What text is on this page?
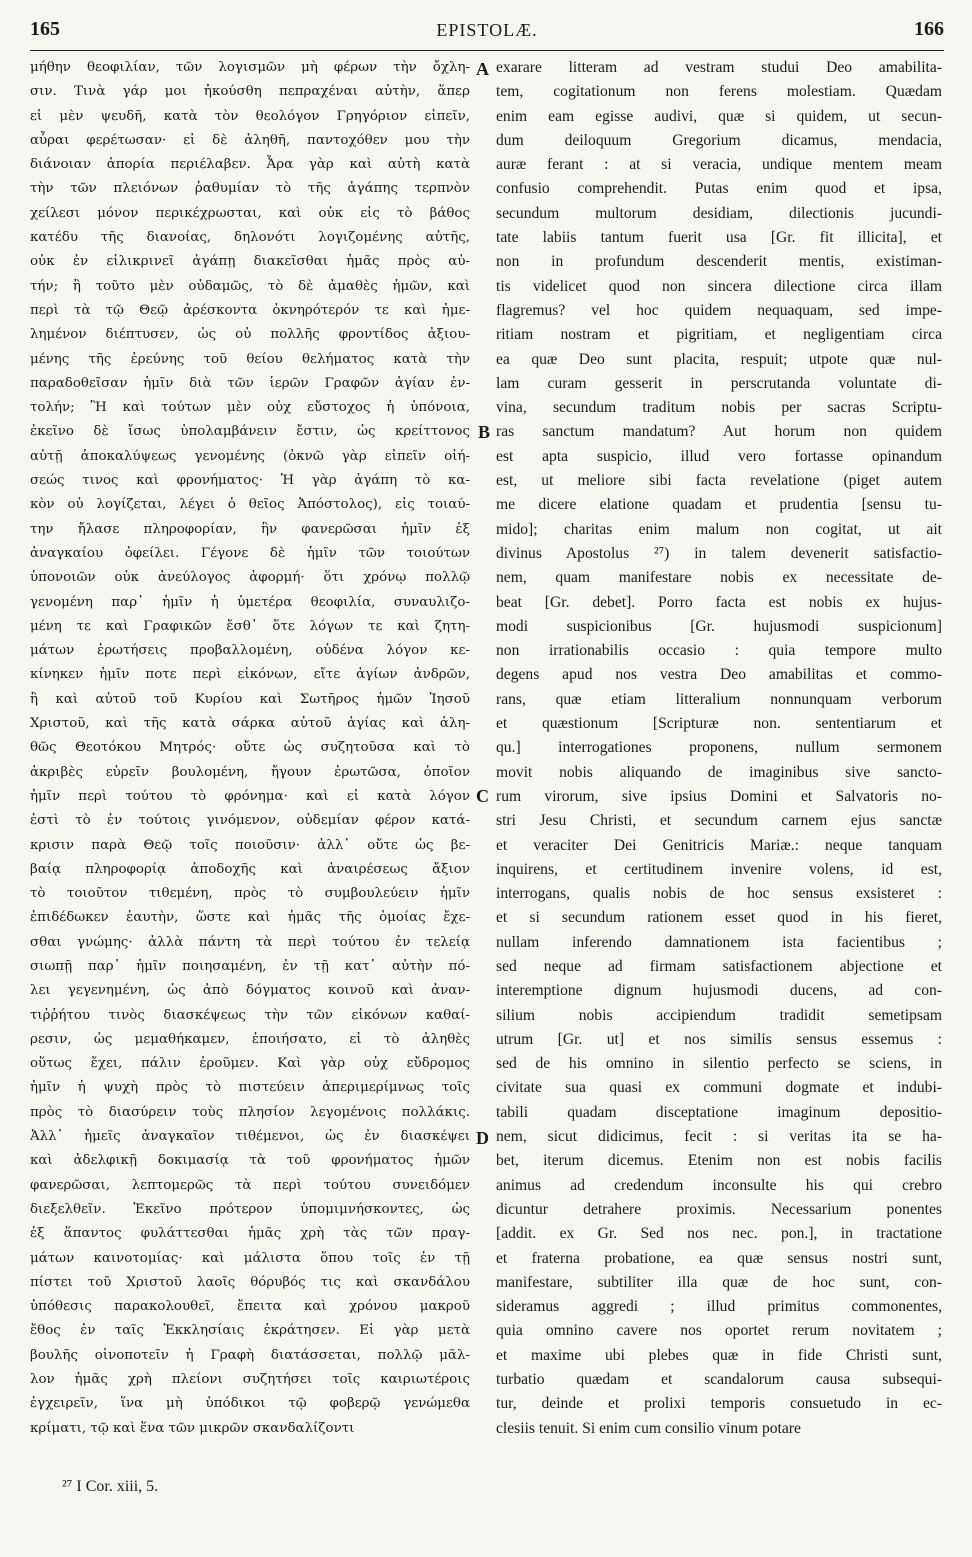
165	EPISTOLÆ.	166
μήθην θεοφιλίαν, τῶν λογισμῶν μὴ φέρων τὴν ὄχλη-
σιν. Τινὰ γάρ μοι ἠκούσθη πεπραχέναι αὐτὴν, ἅπερ
εἰ μὲν ψευδῆ, κατὰ τὸν θεολόγον Γρηγόριον εἰπεῖν,
αὖραι φερέτωσαν· εἰ δὲ ἀληθῆ, παντοχόθεν μου τὴν
διάνοιαν ἀπορία περιέλαβεν. Ἆρα γὰρ καὶ αὐτὴ κατὰ
τὴν τῶν πλειόνων ῥαθυμίαν τὸ τῆς ἀγάπης τερπνὸν
χείλεσι μόνον περικέχρωσται, καὶ οὐκ εἰς τὸ βάθος
κατέδυ τῆς διανοίας, δηλονότι λογιζομένης αὐτῆς,
οὐκ ἐν εἰλικρινεῖ ἀγάπῃ διακεῖσθαι ἡμᾶς πρὸς αὐ-
τήν; ἢ τοῦτο μὲν οὐδαμῶς, τὸ δὲ ἀμαθὲς ἡμῶν, καὶ
περὶ τὰ τῷ Θεῷ ἀρέσκοντα ὀκνηρότερόν τε καὶ ἠμε-
λημένον διέπτυσεν, ὡς οὐ πολλῆς φροντίδος ἀξιου-
μένης τῆς ἐρεύνης τοῦ θείου θελήματος κατὰ τὴν
παραδοθεῖσαν ἡμῖν διὰ τῶν ἱερῶν Γραφῶν ἁγίαν ἐν-
τολήν; Ἢ καὶ τούτων μὲν οὐχ εὔστοχος ἡ ὑπόνοια,
ἐκεῖνο δὲ ἴσως ὑπολαμβάνειν ἔστιν, ὡς κρείττονος
αὐτῇ ἀποκαλύψεως γενομένης (ὀκνῶ γὰρ εἰπεῖν οἰή-
σεώς τινος καὶ φρονήματος· Ἡ γὰρ ἀγάπη τὸ κα-
κὸν οὐ λογίζεται, λέγει ὁ θεῖος Ἀπόστολος), εἰς τοιαύ-
την ἤλασε πληροφορίαν, ἣν φανερῶσαι ἡμῖν ἐξ
ἀναγκαίου ὀφείλει. Γέγονε δὲ ἡμῖν τῶν τοιούτων
ὑπονοιῶν οὐκ ἀνεύλογος ἀφορμή· ὅτι χρόνῳ πολλῷ
γενομένη παρ᾽ ἡμῖν ἡ ὑμετέρα θεοφιλία, συναυλιζο-
μένη τε καὶ Γραφικῶν ἔσθ᾽ ὅτε λόγων τε καὶ ζητη-
μάτων ἐρωτήσεις προβαλλομένη, οὐδένα λόγον κε-
κίνηκεν ἡμῖν ποτε περὶ εἰκόνων, εἴτε ἁγίων ἀνδρῶν,
ἢ καὶ αὐτοῦ τοῦ Κυρίου καὶ Σωτῆρος ἡμῶν Ἰησοῦ
Χριστοῦ, καὶ τῆς κατὰ σάρκα αὐτοῦ ἁγίας καὶ ἀλη-
θῶς Θεοτόκου Μητρός· οὔτε ὡς συζητοῦσα καὶ τὸ
ἀκριβὲς εὑρεῖν βουλομένη, ἤγουν ἐρωτῶσα, ὁποῖον
ἡμῖν περὶ τούτου τὸ φρόνημα· καὶ εἰ κατὰ λόγον
ἐστὶ τὸ ἐν τούτοις γινόμενον, οὐδεμίαν φέρον κατά-
κρισιν παρὰ Θεῷ τοῖς ποιοῦσιν· ἀλλ᾽ οὔτε ὡς βε-
βαίᾳ πληροφορίᾳ ἀποδοχῆς καὶ ἀναιρέσεως ἄξιον
τὸ τοιοῦτον τιθεμένη, πρὸς τὸ συμβουλεύειν ἡμῖν
ἐπιδέδωκεν ἑαυτὴν, ὥστε καὶ ἡμᾶς τῆς ὁμοίας ἔχε-
σθαι γνώμης· ἀλλὰ πάντη τὰ περὶ τούτου ἐν τελείᾳ
σιωπῇ παρ᾽ ἡμῖν ποιησαμένη, ἐν τῇ κατ᾽ αὐτὴν πό-
λει γεγενημένη, ὡς ἀπὸ δόγματος κοινοῦ καὶ ἀναν-
τιῤῥήτου τινὸς διασκέψεως τὴν τῶν εἰκόνων καθαί-
ρεσιν, ὡς μεμαθήκαμεν, ἐποιήσατο, εἰ τὸ ἀληθὲς
οὕτως ἔχει, πάλιν ἐροῦμεν. Καὶ γὰρ οὐχ εὔδρομος
ἡμῖν ἡ ψυχὴ πρὸς τὸ πιστεύειν ἀπεριμερίμνως τοῖς
πρὸς τὸ διασύρειν τοὺς πλησίον λεγομένοις πολλάκις.
Ἀλλ᾽ ἡμεῖς ἀναγκαῖον τιθέμενοι, ὡς ἐν διασκέψει
καὶ ἀδελφικῇ δοκιμασίᾳ τὰ τοῦ φρονήματος ἡμῶν
φανερῶσαι, λεπτομερῶς τὰ περὶ τούτου συνειδόμεν
διεξελθεῖν. Ἐκεῖνο πρότερον ὑπομιμνήσκοντες, ὡς
ἐξ ἅπαντος φυλάττεσθαι ἡμᾶς χρὴ τὰς τῶν πραγ-
μάτων καινοτομίας· καὶ μάλιστα ὅπου τοῖς ἐν τῇ
πίστει τοῦ Χριστοῦ λαοῖς θόρυβός τις καὶ σκανδάλου
ὑπόθεσις παρακολουθεῖ, ἔπειτα καὶ χρόνου μακροῦ
ἔθος ἐν ταῖς Ἐκκλησίαις ἐκράτησεν. Εἰ γὰρ μετὰ
βουλῆς οἰνοποτεῖν ἡ Γραφὴ διατάσσεται, πολλῷ μᾶλ-
λον ἡμᾶς χρὴ πλείονι συζητήσει τοῖς καιριωτέροις
ἐγχειρεῖν, ἵνα μὴ ὑπόδικοι τῷ φοβερῷ γενώμεθα
κρίματι, τῷ καὶ ἕνα τῶν μικρῶν σκανδαλίζοντι
A
B
C
D
exarare litteram ad vestram studui Deo amabilita-
tem, cogitationum non ferens molestiam. Quædam
enim eam egisse audivi, quæ si quidem, ut secun-
dum deiloquum Gregorium dicamus, mendacia,
auræ ferant : at si veracia, undique mentem meam
confusio comprehendit. Putas enim quod et ipsa,
secundum multorum desidiam, dilectionis jucundi-
tate labiis tantum fuerit usa [Gr. fit illicita], et
non in profundum descenderit mentis, existiman-
tis videlicet quod non sincera dilectione circa illam
flagremus? vel hoc quidem nequaquam, sed impe-
ritiam nostram et pigritiam, et negligentiam circa
ea quæ Deo sunt placita, respuit; utpote quæ nul-
lam curam gesserit in perscrutanda voluntate di-
vina, secundum traditum nobis per sacras Scriptu-
ras sanctum mandatum? Aut horum non quidem
est apta suspicio, illud vero fortasse opinandum
est, ut meliore sibi facta revelatione (piget autem
me dicere elatione quadam et prudentia [sensu tu-
mido]; charitas enim malum non cogitat, ut ait
divinus Apostolus ²⁷) in talem devenerit satisfactio-
nem, quam manifestare nobis ex necessitate de-
beat [Gr. debet]. Porro facta est nobis ex hujus-
modi suspicionibus [Gr. hujusmodi suspicionum]
non irrationabilis occasio : quia tempore multo
degens apud nos vestra Deo amabilitas et commo-
rans, quæ etiam litteralium nonnunquam verborum
et quæstionum [Scripturæ non. sententiarum et
qu.] interrogationes proponens, nullum sermonem
movit nobis aliquando de imaginibus sive sancto-
rum virorum, sive ipsius Domini et Salvatoris no-
stri Jesu Christi, et secundum carnem ejus sanctæ
et veraciter Dei Genitricis Mariæ.: neque tanquam
inquirens, et certitudinem invenire volens, id est,
interrogans, qualis nobis de hoc sensus exsisteret :
et si secundum rationem esset quod in his fieret,
nullam inferendo damnationem ista facientibus ;
sed neque ad firmam satisfactionem abjectione et
interemptione dignum hujusmodi ducens, ad con-
silium nobis accipiendum tradidit semetipsam
utrum [Gr. ut] et nos similis sensus essemus :
sed de his omnino in silentio perfecto se sciens, in
civitate sua quasi ex communi dogmate et indubi-
tabili quadam disceptatione imaginum depositio-
nem, sicut didicimus, fecit : si veritas ita se ha-
bet, iterum dicemus. Etenim non est nobis facilis
animus ad credendum inconsulte his qui crebro
dicuntur detrahere proximis. Necessarium ponentes
[addit. ex Gr. Sed nos nec. pon.], in tractatione
et fraterna probatione, ea quæ sensus nostri sunt,
manifestare, subtiliter illa quæ de hoc sunt, con-
sideramus aggredi ; illud primitus commonentes,
quia omnino cavere nos oportet rerum novitatem ;
et maxime ubi plebes quæ in fide Christi sunt,
turbatio quædam et scandalorum causa subsequi-
tur, deinde et prolixi temporis consuetudo in ec-
clesiis tenuit. Si enim cum consilio vinum potare
²⁷ I Cor. xiii, 5.
